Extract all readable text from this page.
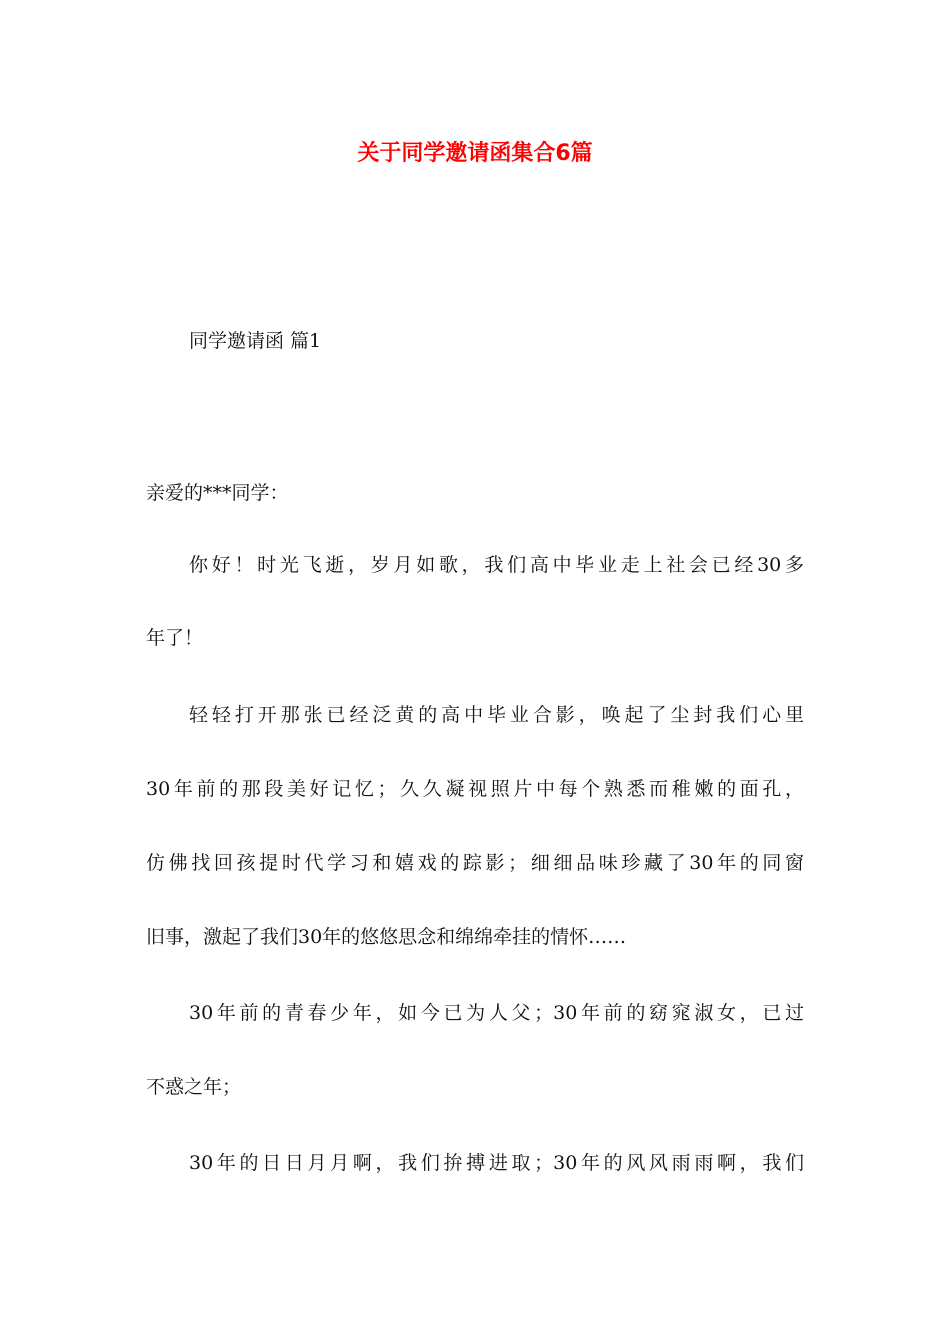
关于同学邀请函集合6篇

同学邀请函 篇1

亲爱的***同学：

你好！时光飞逝，岁月如歌，我们高中毕业走上社会已经30多

年了！

轻轻打开那张已经泛黄的高中毕业合影，唤起了尘封我们心里

30年前的那段美好记忆；久久凝视照片中每个熟悉而稚嫩的面孔，

仿佛找回孩提时代学习和嬉戏的踪影；细细品味珍藏了30年的同窗

旧事，激起了我们30年的悠悠思念和绵绵牵挂的情怀……

30年前的青春少年，如今已为人父；30年前的窈窕淑女，已过

不惑之年；

30年的日日月月啊，我们拚搏进取；30年的风风雨雨啊，我们
